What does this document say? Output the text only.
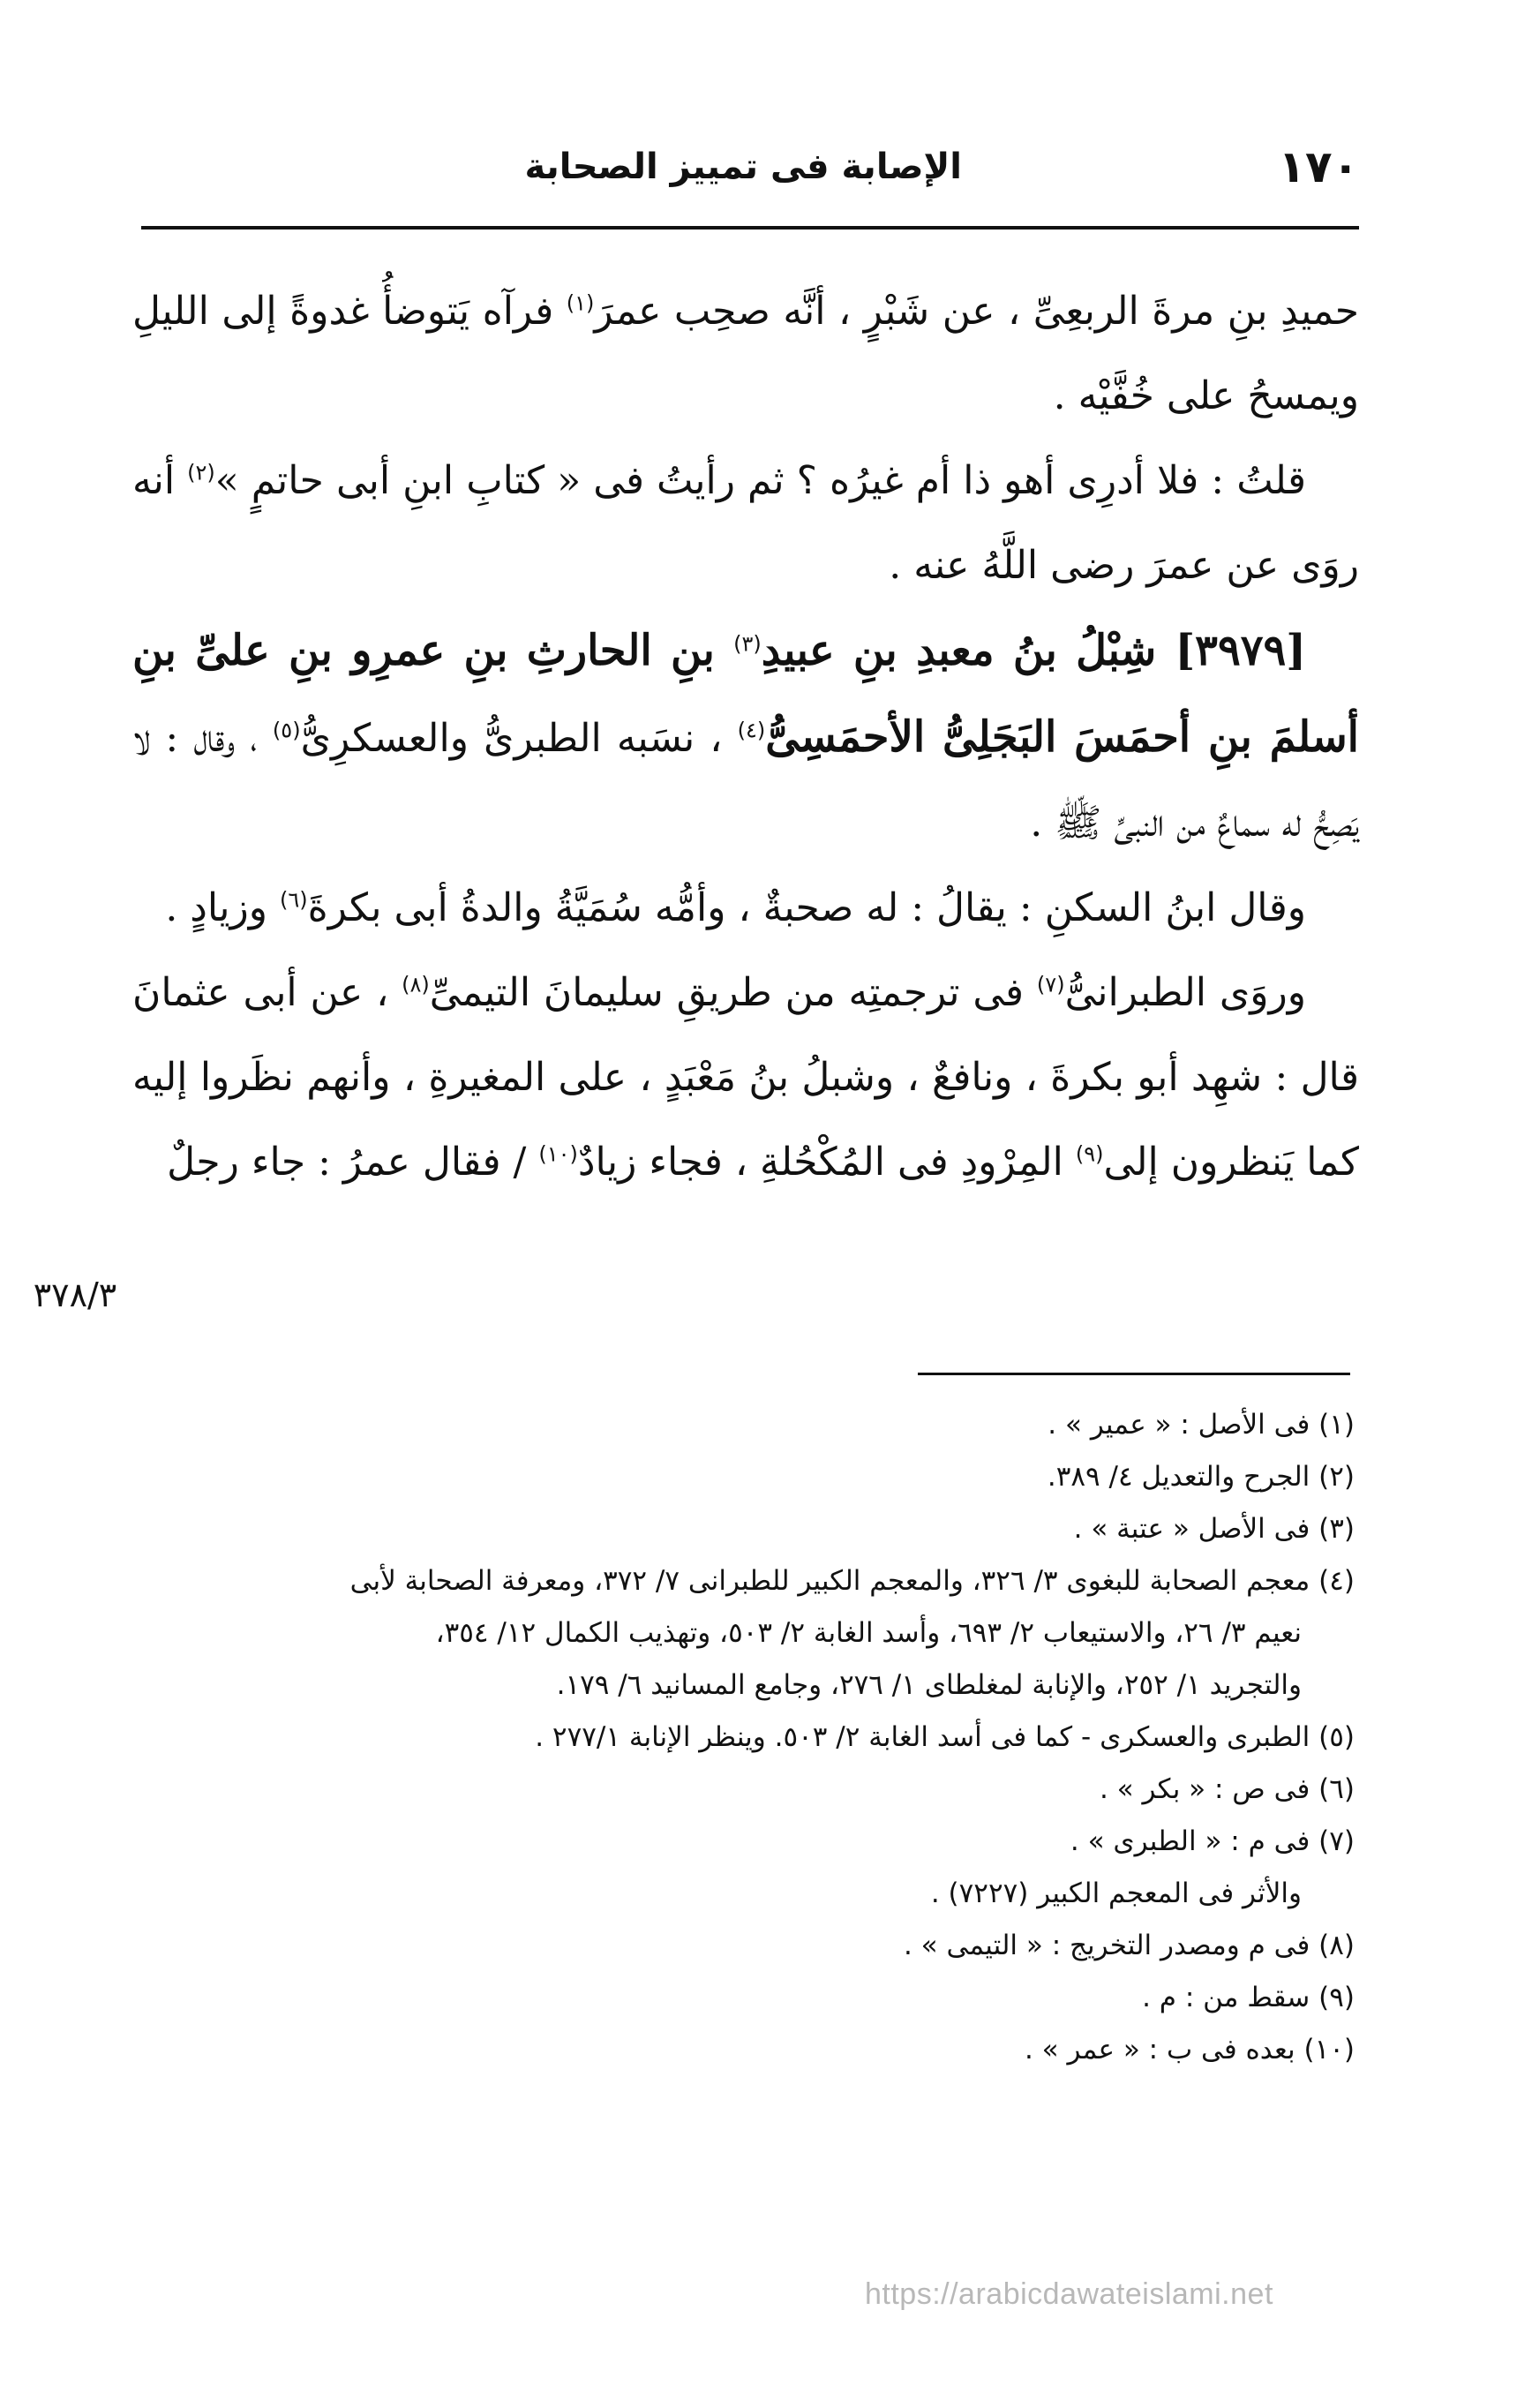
١٧٠
الإصابة فى تمييز الصحابة

حميدِ بنِ مرةَ الربعِىِّ ، عن شَبْرٍ ، أنَّه صحِب عمرَ$^{(١)}$ فرآه يَتوضأُ غدوةً إلى الليلِ ويمسحُ على خُفَّيْه .

قلتُ : فلا أدرِى أهو ذا أم غيرُه ؟ ثم رأيتُ فى « كتابِ ابنِ أبى حاتمٍ »$^{(٢)}$ أنه روَى عن عمرَ رضى اللَّهُ عنه .

[٣٩٧٩] شِبْلُ بنُ معبدِ بنِ عبيدِ$^{(٣)}$ بنِ الحارثِ بنِ عمرِو بنِ علىِّ بنِ أسلمَ بنِ أحمَسَ البَجَلِىُّ الأحمَسِىُّ$^{(٤)}$ ، نسَبه الطبرىُّ والعسكرِىُّ$^{(٥)}$ ، وقال : لا يَصِحُّ له سماعٌ من النبىِّ ﷺ .

وقال ابنُ السكنِ : يقالُ : له صحبةٌ ، وأمُّه سُمَيَّةُ والدةُ أبى بكرةَ$^{(٦)}$ وزيادٍ .

وروَى الطبرانىُّ$^{(٧)}$ فى ترجمتِه من طريقِ سليمانَ التيمىِّ$^{(٨)}$ ، عن أبى عثمانَ قال : شهِد أبو بكرةَ ، ونافعٌ ، وشبلُ بنُ مَعْبَدٍ ، على المغيرةِ ، وأنهم نظَروا إليه كما يَنظرون إلى$^{(٩)}$ المِرْودِ فى المُكْحُلةِ ، فجاء زيادٌ$^{(١٠)}$ / فقال عمرُ : جاء رجلٌ

٣٧٨/٣

(١) فى الأصل : « عمير » .

(٢) الجرح والتعديل ٤/ ٣٨٩.

(٣) فى الأصل « عتبة » .

(٤) معجم الصحابة للبغوى ٣/ ٣٢٦، والمعجم الكبير للطبرانى ٧/ ٣٧٢، ومعرفة الصحابة لأبى

نعيم ٣/ ٢٦، والاستيعاب ٢/ ٦٩٣، وأسد الغابة ٢/ ٥٠٣، وتهذيب الكمال ١٢/ ٣٥٤،

والتجريد ١/ ٢٥٢، والإنابة لمغلطاى ١/ ٢٧٦، وجامع المسانيد ٦/ ١٧٩.

(٥) الطبرى والعسكرى - كما فى أسد الغابة ٢/ ٥٠٣. وينظر الإنابة ٢٧٧/١ .

(٦) فى ص : « بكر » .

(٧) فى م : « الطبرى » .

والأثر فى المعجم الكبير (٧٢٢٧) .

(٨) فى م ومصدر التخريج : « التيمى » .

(٩) سقط من : م .

(١٠) بعده فى ب : « عمر » .

https://arabicdawateislami.net
